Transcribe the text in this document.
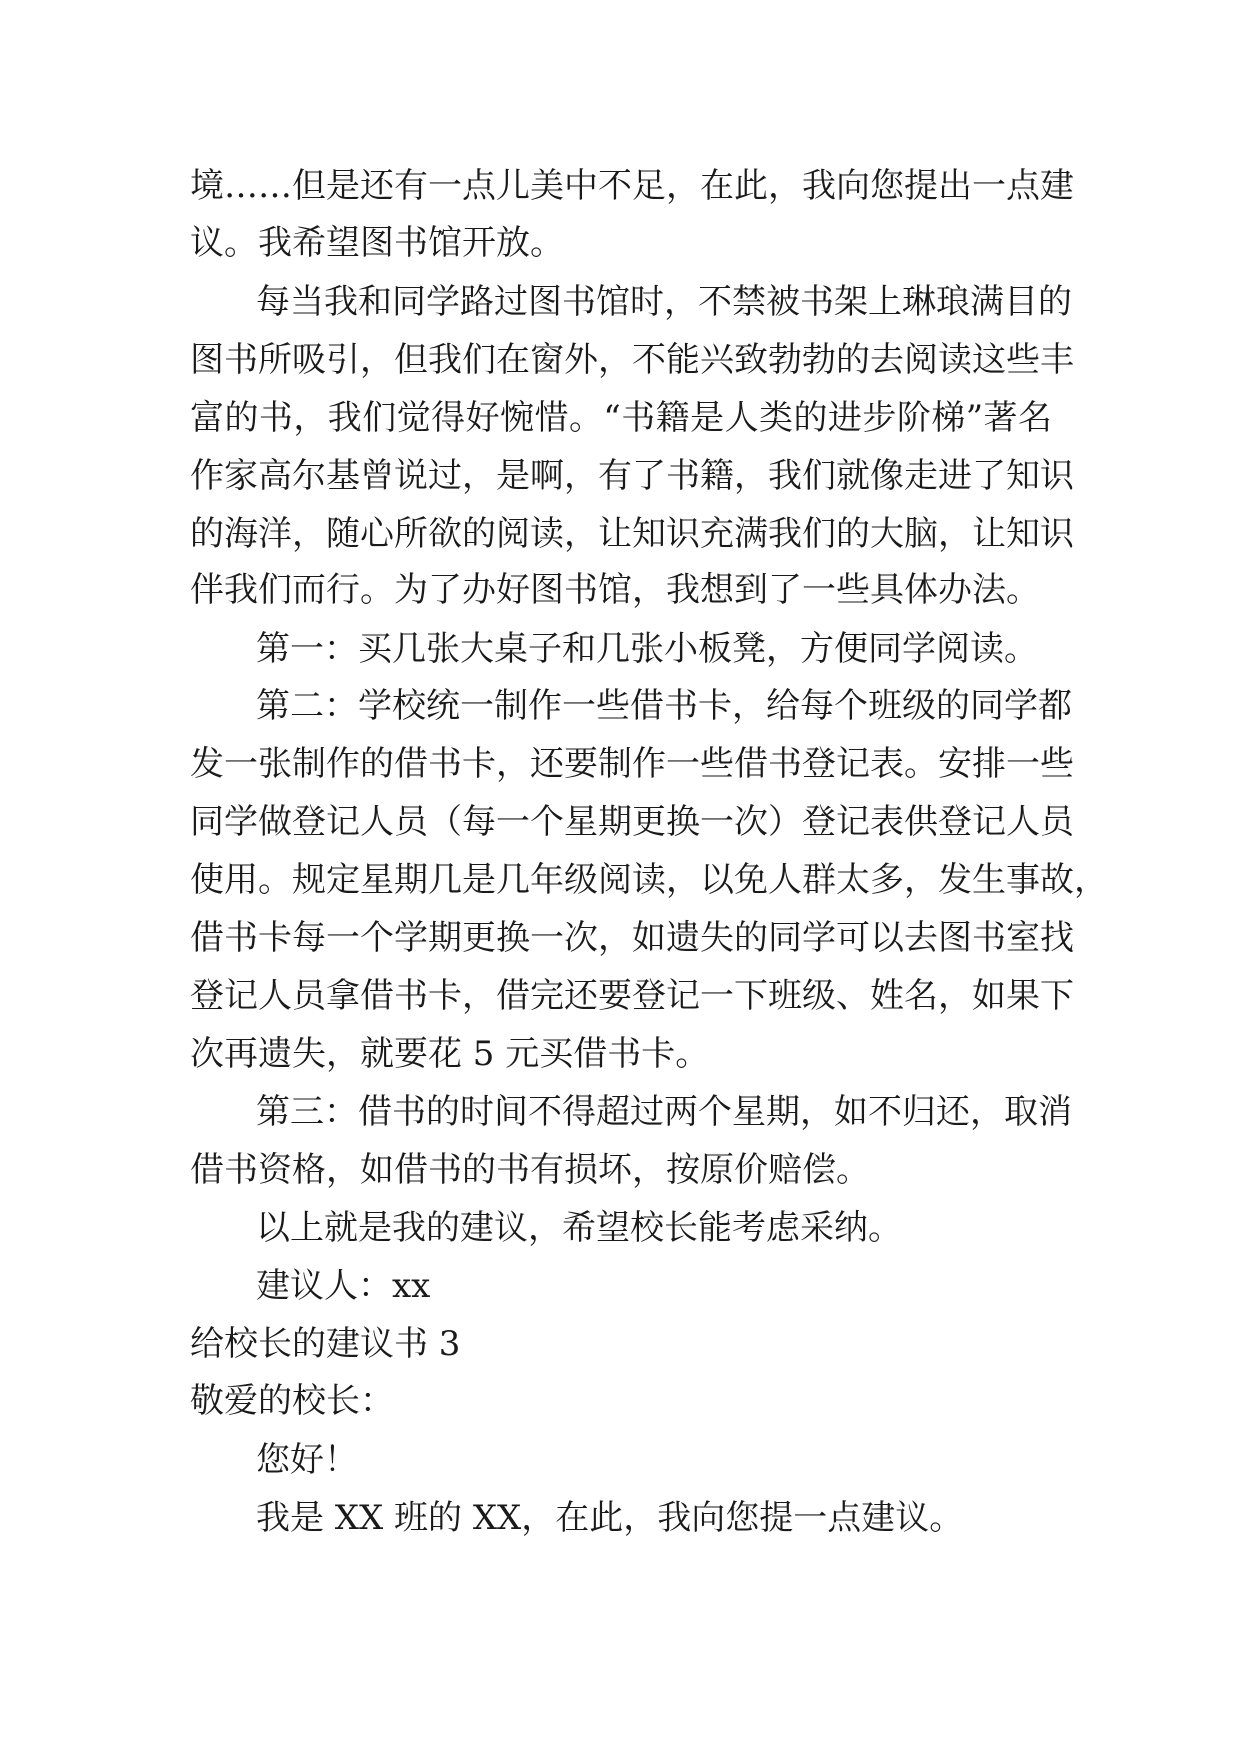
境……但是还有一点儿美中不足，在此，我向您提出一点建
议。我希望图书馆开放。
每当我和同学路过图书馆时，不禁被书架上琳琅满目的
图书所吸引，但我们在窗外，不能兴致勃勃的去阅读这些丰
富的书，我们觉得好惋惜。“书籍是人类的进步阶梯”著名
作家高尔基曾说过，是啊，有了书籍，我们就像走进了知识
的海洋，随心所欲的阅读，让知识充满我们的大脑，让知识
伴我们而行。为了办好图书馆，我想到了一些具体办法。
第一：买几张大桌子和几张小板凳，方便同学阅读。
第二：学校统一制作一些借书卡，给每个班级的同学都
发一张制作的借书卡，还要制作一些借书登记表。安排一些
同学做登记人员（每一个星期更换一次）登记表供登记人员
使用。规定星期几是几年级阅读，以免人群太多，发生事故，
借书卡每一个学期更换一次，如遗失的同学可以去图书室找
登记人员拿借书卡，借完还要登记一下班级、姓名，如果下
次再遗失，就要花 5 元买借书卡。
第三：借书的时间不得超过两个星期，如不归还，取消
借书资格，如借书的书有损坏，按原价赔偿。
以上就是我的建议，希望校长能考虑采纳。
建议人：xx
给校长的建议书 3
敬爱的校长：
您好！
我是 XX 班的 XX，在此，我向您提一点建议。
